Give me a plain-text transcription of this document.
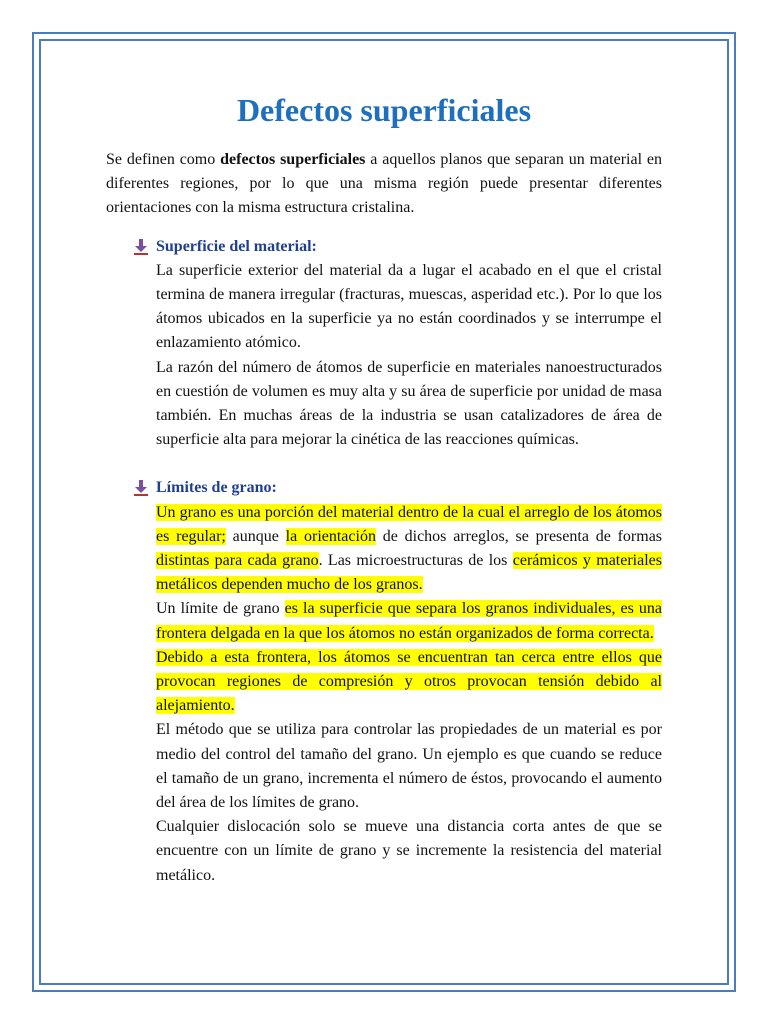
Defectos superficiales

Se definen como defectos superficiales a aquellos planos que separan un material en diferentes regiones, por lo que una misma región puede presentar diferentes orientaciones con la misma estructura cristalina.

Superficie del material:

La superficie exterior del material da a lugar el acabado en el que el cristal termina de manera irregular (fracturas, muescas, asperidad etc.). Por lo que los átomos ubicados en la superficie ya no están coordinados y se interrumpe el enlazamiento atómico.

La razón del número de átomos de superficie en materiales nanoestructurados en cuestión de volumen es muy alta y su área de superficie por unidad de masa también. En muchas áreas de la industria se usan catalizadores de área de superficie alta para mejorar la cinética de las reacciones químicas.

Límites de grano:

Un grano es una porción del material dentro de la cual el arreglo de los átomos es regular; aunque la orientación de dichos arreglos, se presenta de formas distintas para cada grano. Las microestructuras de los cerámicos y materiales metálicos dependen mucho de los granos.

Un límite de grano es la superficie que separa los granos individuales, es una frontera delgada en la que los átomos no están organizados de forma correcta.

Debido a esta frontera, los átomos se encuentran tan cerca entre ellos que provocan regiones de compresión y otros provocan tensión debido al alejamiento.

El método que se utiliza para controlar las propiedades de un material es por medio del control del tamaño del grano. Un ejemplo es que cuando se reduce el tamaño de un grano, incrementa el número de éstos, provocando el aumento del área de los límites de grano.

Cualquier dislocación solo se mueve una distancia corta antes de que se encuentre con un límite de grano y se incremente la resistencia del material metálico.
